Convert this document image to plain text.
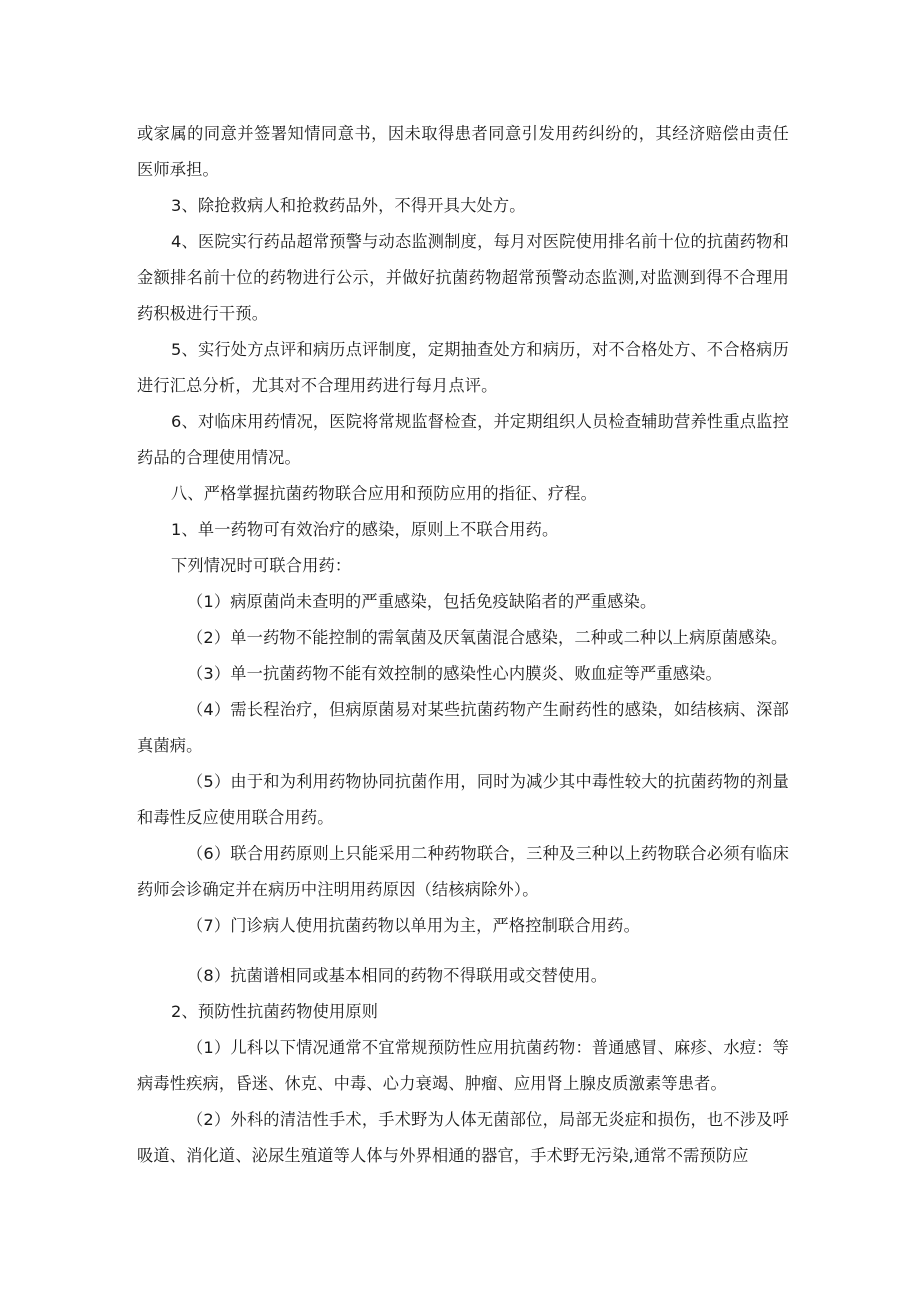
或家属的同意并签署知情同意书，因未取得患者同意引发用药纠纷的，其经济赔偿由责任医师承担。

3、除抢救病人和抢救药品外，不得开具大处方。

4、医院实行药品超常预警与动态监测制度，每月对医院使用排名前十位的抗菌药物和金额排名前十位的药物进行公示，并做好抗菌药物超常预警动态监测,对监测到得不合理用药积极进行干预。

5、实行处方点评和病历点评制度，定期抽查处方和病历，对不合格处方、不合格病历进行汇总分析，尤其对不合理用药进行每月点评。

6、对临床用药情况，医院将常规监督检查，并定期组织人员检查辅助营养性重点监控药品的合理使用情况。

八、严格掌握抗菌药物联合应用和预防应用的指征、疗程。

1、单一药物可有效治疗的感染，原则上不联合用药。

下列情况时可联合用药：

（1）病原菌尚未查明的严重感染，包括免疫缺陷者的严重感染。

（2）单一药物不能控制的需氧菌及厌氧菌混合感染，二种或二种以上病原菌感染。

（3）单一抗菌药物不能有效控制的感染性心内膜炎、败血症等严重感染。

（4）需长程治疗，但病原菌易对某些抗菌药物产生耐药性的感染，如结核病、深部真菌病。

（5）由于和为利用药物协同抗菌作用，同时为减少其中毒性较大的抗菌药物的剂量和毒性反应使用联合用药。

（6）联合用药原则上只能采用二种药物联合，三种及三种以上药物联合必须有临床药师会诊确定并在病历中注明用药原因（结核病除外）。

（7）门诊病人使用抗菌药物以单用为主，严格控制联合用药。

（8）抗菌谱相同或基本相同的药物不得联用或交替使用。

2、预防性抗菌药物使用原则

（1）儿科以下情况通常不宜常规预防性应用抗菌药物：普通感冒、麻疹、水痘：等病毒性疾病，昏迷、休克、中毒、心力衰竭、肿瘤、应用肾上腺皮质激素等患者。

（2）外科的清洁性手术，手术野为人体无菌部位，局部无炎症和损伤，也不涉及呼吸道、消化道、泌尿生殖道等人体与外界相通的器官，手术野无污染,通常不需预防应
